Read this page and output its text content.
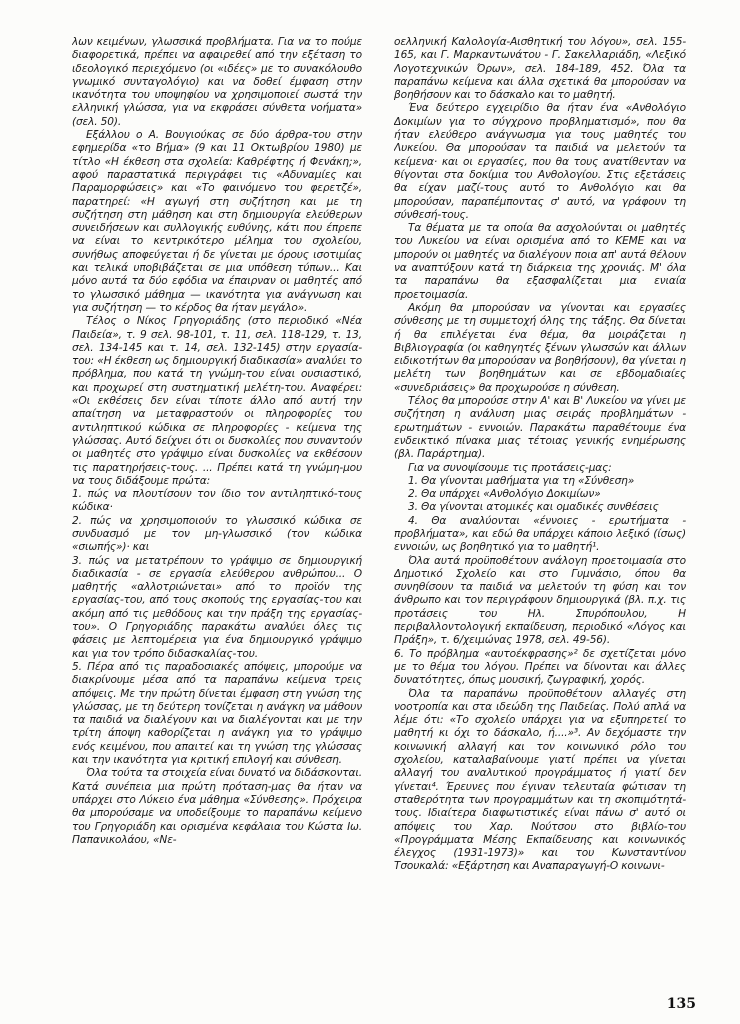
λων κειμένων, γλωσσικά προβλήματα. Για να το πούμε διαφορετικά, πρέπει να αφαιρεθεί από την εξέταση το ιδεολογικό περιεχόμενο (οι «ιδέες» με το συνακόλουθο γνωμικό συνταγολόγιο) και να δοθεί έμφαση στην ικανότητα του υποψηφίου να χρησιμοποιεί σωστά την ελληνική γλώσσα, για να εκφράσει σύνθετα νοήματα» (σελ. 50).

Εξάλλου ο Α. Βουγιούκας σε δύο άρθρα-του στην εφημερίδα «το Βήμα» (9 και 11 Οκτωβρίου 1980) με τίτλο «Η έκθεση στα σχολεία: Καθρέφτης ή Φενάκη;», αφού παραστατικά περιγράφει τις «Αδυναμίες και Παραμορφώσεις» και «Το φαινόμενο του φερετζέ», παρατηρεί: «Η αγωγή στη συζήτηση και με τη συζήτηση στη μάθηση και στη δημιουργία ελεύθερων συνειδήσεων και συλλογικής ευθύνης, κάτι που έπρεπε να είναι το κεντρικότερο μέλημα του σχολείου, συνήθως αποφεύγεται ή δε γίνεται με όρους ισοτιμίας και τελικά υποβιβάζεται σε μια υπόθεση τύπων... Και μόνο αυτά τα δύο εφόδια να έπαιρναν οι μαθητές από το γλωσσικό μάθημα — ικανότητα για ανάγνωση και για συζήτηση — το κέρδος θα ήταν μεγάλο».

Τέλος ο Νίκος Γρηγοριάδης (στο περιοδικό «Νέα Παιδεία», τ. 9 σελ. 98-101, τ. 11, σελ. 118-129, τ. 13, σελ. 134-145 και τ. 14, σελ. 132-145) στην εργασία-του: «Η έκθεση ως δημιουργική διαδικασία» αναλύει το πρόβλημα, που κατά τη γνώμη-του είναι ουσιαστικό, και προχωρεί στη συστηματική μελέτη-του. Αναφέρει: «Οι εκθέσεις δεν είναι τίποτε άλλο από αυτή την απαίτηση να μεταφραστούν οι πληροφορίες του αντιληπτικού κώδικα σε πληροφορίες - κείμενα της γλώσσας. Αυτό δείχνει ότι οι δυσκολίες που συναντούν οι μαθητές στο γράψιμο είναι δυσκολίες να εκθέσουν τις παρατηρήσεις-τους. ... Πρέπει κατά τη γνώμη-μου να τους διδάξουμε πρώτα:

1. πώς να πλουτίσουν τον ίδιο τον αντιληπτικό-τους κώδικα·

2. πώς να χρησιμοποιούν το γλωσσικό κώδικα σε συνδυασμό με τον μη-γλωσσικό (τον κώδικα «σιωπής»)· και

3. πώς να μετατρέπουν το γράψιμο σε δημιουργική διαδικασία - σε εργασία ελεύθερου ανθρώπου... Ο μαθητής «αλλοτριώνεται» από το προϊόν της εργασίας-του, από τους σκοπούς της εργασίας-του και ακόμη από τις μεθόδους και την πράξη της εργασίας-του». Ο Γρηγοριάδης παρακάτω αναλύει όλες τις φάσεις με λεπτομέρεια για ένα δημιουργικό γράψιμο και για τον τρόπο διδασκαλίας-του.

5. Πέρα από τις παραδοσιακές απόψεις, μπορούμε να διακρίνουμε μέσα από τα παραπάνω κείμενα τρεις απόψεις. Με την πρώτη δίνεται έμφαση στη γνώση της γλώσσας, με τη δεύτερη τονίζεται η ανάγκη να μάθουν τα παιδιά να διαλέγουν και να διαλέγονται και με την τρίτη άποψη καθορίζεται η ανάγκη για το γράψιμο ενός κειμένου, που απαιτεί και τη γνώση της γλώσσας και την ικανότητα για κριτική επιλογή και σύνθεση.

Όλα τούτα τα στοιχεία είναι δυνατό να διδάσκονται. Κατά συνέπεια μια πρώτη πρόταση-μας θα ήταν να υπάρχει στο Λύκειο ένα μάθημα «Σύνθεσης». Πρόχειρα θα μπορούσαμε να υποδείξουμε το παραπάνω κείμενο του Γρηγοριάδη και ορισμένα κεφάλαια του Κώστα Ιω. Παπανικολάου, «Νε-

οελληνική Καλολογία-Αισθητική του λόγου», σελ. 155-165, και Γ. Μαρκαντωνάτου - Γ. Σακελλαριάδη, «Λεξικό Λογοτεχνικών Όρων», σελ. 184-189, 452. Όλα τα παραπάνω κείμενα και άλλα σχετικά θα μπορούσαν να βοηθήσουν και το δάσκαλο και το μαθητή.

Ένα δεύτερο εγχειρίδιο θα ήταν ένα «Ανθολόγιο Δοκιμίων για το σύγχρονο προβληματισμό», που θα ήταν ελεύθερο ανάγνωσμα για τους μαθητές του Λυκείου. Θα μπορούσαν τα παιδιά να μελετούν τα κείμενα· και οι εργασίες, που θα τους ανατίθενταν να θίγονται στα δοκίμια του Ανθολογίου. Στις εξετάσεις θα είχαν μαζί-τους αυτό το Ανθολόγιο και θα μπορούσαν, παραπέμποντας σ' αυτό, να γράφουν τη σύνθεσή-τους.

Τα θέματα με τα οποία θα ασχολούνται οι μαθητές του Λυκείου να είναι ορισμένα από το ΚΕΜΕ και να μπορούν οι μαθητές να διαλέγουν ποια απ' αυτά θέλουν να αναπτύξουν κατά τη διάρκεια της χρονιάς. Μ' όλα τα παραπάνω θα εξασφαλίζεται μια ενιαία προετοιμασία.

Ακόμη θα μπορούσαν να γίνονται και εργασίες σύνθεσης με τη συμμετοχή όλης της τάξης. Θα δίνεται ή θα επιλέγεται ένα θέμα, θα μοιράζεται η Βιβλιογραφία (οι καθηγητές ξένων γλωσσών και άλλων ειδικοτήτων θα μπορούσαν να βοηθήσουν), θα γίνεται η μελέτη των βοηθημάτων και σε εβδομαδιαίες «συνεδριάσεις» θα προχωρούσε η σύνθεση.

Τέλος θα μπορούσε στην Α' και Β' Λυκείου να γίνει με συζήτηση η ανάλυση μιας σειράς προβλημάτων - ερωτημάτων - εννοιών. Παρακάτω παραθέτουμε ένα ενδεικτικό πίνακα μιας τέτοιας γενικής ενημέρωσης (βλ. Παράρτημα).

Για να συνοψίσουμε τις προτάσεις-μας:

1. Θα γίνονται μαθήματα για τη «Σύνθεση»

2. Θα υπάρχει «Ανθολόγιο Δοκιμίων»

3. Θα γίνονται ατομικές και ομαδικές συνθέσεις

4. Θα αναλύονται «έννοιες - ερωτήματα - προβλήματα», και εδώ θα υπάρχει κάποιο λεξικό (ίσως) εννοιών, ως βοηθητικό για το μαθητή¹.

Όλα αυτά προϋποθέτουν ανάλογη προετοιμασία στο Δημοτικό Σχολείο και στο Γυμνάσιο, όπου θα συνηθίσουν τα παιδιά να μελετούν τη φύση και τον άνθρωπο και τον περιγράφουν δημιουργικά (βλ. π.χ. τις προτάσεις του Ηλ. Σπυρόπουλου, Η περιβαλλοντολογική εκπαίδευση, περιοδικό «Λόγος και Πράξη», τ. 6/χειμώνας 1978, σελ. 49-56).

6. Το πρόβλημα «αυτοέκφρασης»² δε σχετίζεται μόνο με το θέμα του λόγου. Πρέπει να δίνονται και άλλες δυνατότητες, όπως μουσική, ζωγραφική, χορός.

Όλα τα παραπάνω προϋποθέτουν αλλαγές στη νοοτροπία και στα ιδεώδη της Παιδείας. Πολύ απλά να λέμε ότι: «Το σχολείο υπάρχει για να εξυπηρετεί το μαθητή κι όχι το δάσκαλο, ή....»³. Αν δεχόμαστε την κοινωνική αλλαγή και τον κοινωνικό ρόλο του σχολείου, καταλαβαίνουμε γιατί πρέπει να γίνεται αλλαγή του αναλυτικού προγράμματος ή γιατί δεν γίνεται⁴. Έρευνες που έγιναν τελευταία φώτισαν τη σταθερότητα των προγραμμάτων και τη σκοπιμότητά-τους. Ιδιαίτερα διαφωτιστικές είναι πάνω σ' αυτό οι απόψεις του Χαρ. Νούτσου στο βιβλίο-του «Προγράμματα Μέσης Εκπαίδευσης και κοινωνικός έλεγχος (1931-1973)» και του Κωνσταντίνου Τσουκαλά: «Εξάρτηση και Αναπαραγωγή-Ο κοινωνι-

135
